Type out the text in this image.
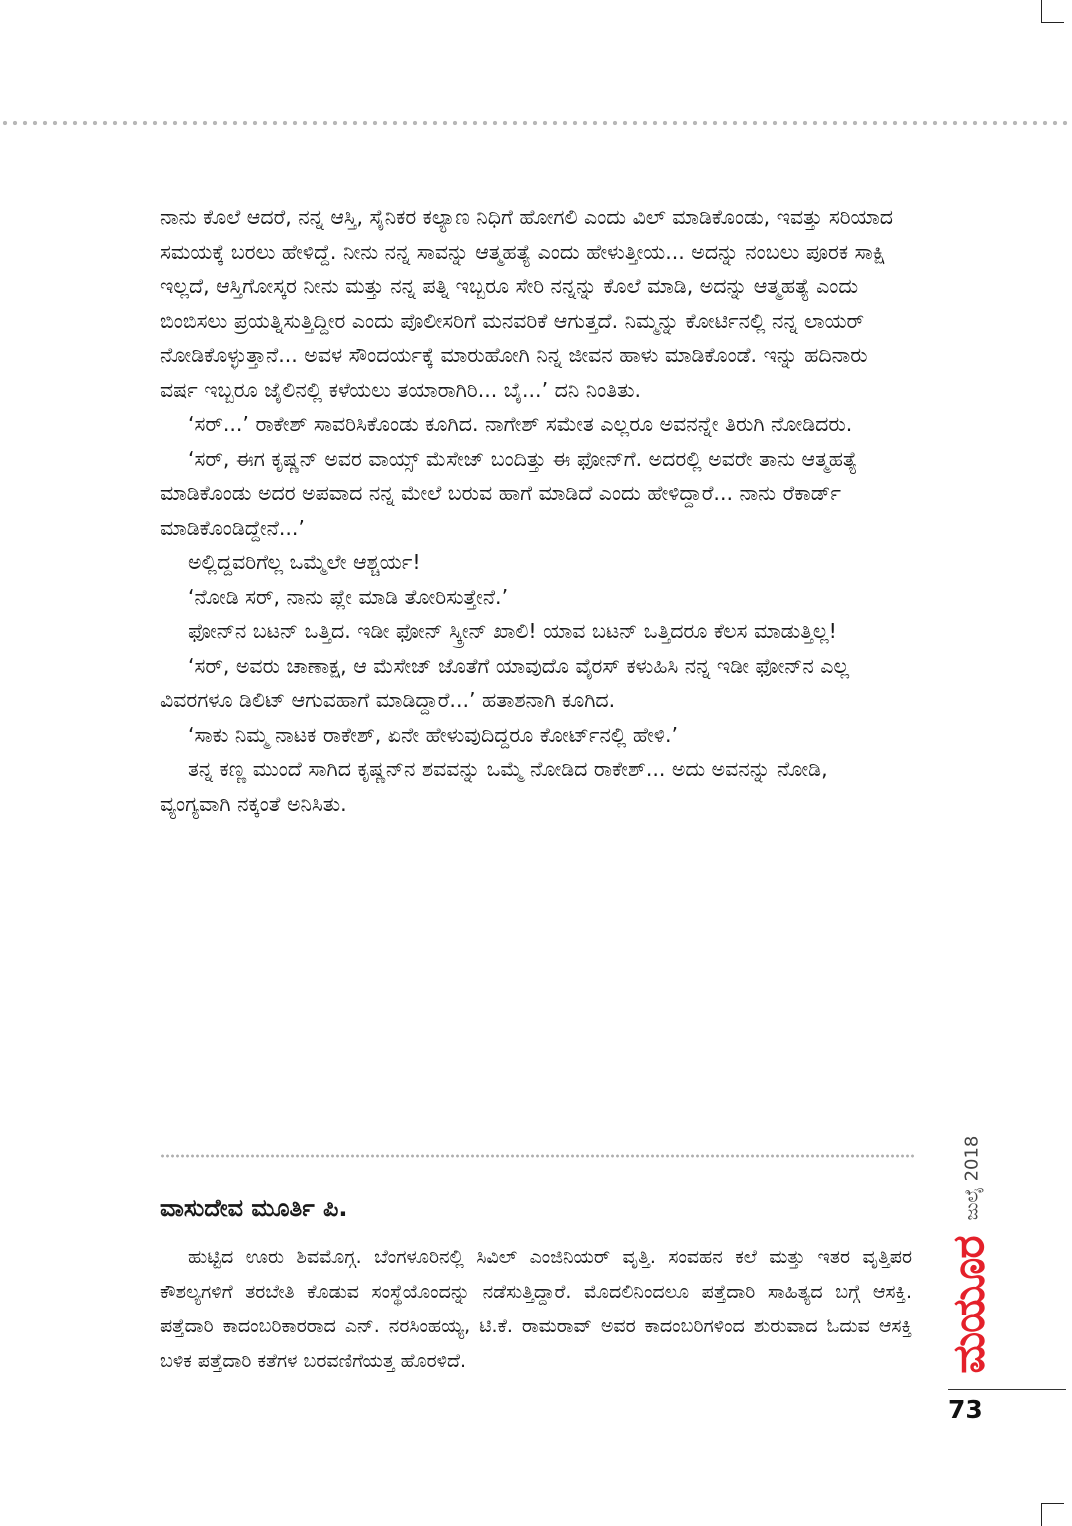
ನಾನು ಕೊಲೆ ಆದರೆ, ನನ್ನ ಆಸ್ತಿ, ಸೈನಿಕರ ಕಲ್ಯಾಣ ನಿಧಿಗೆ ಹೋಗಲಿ ಎಂದು ವಿಲ್ ಮಾಡಿಕೊಂಡು, ಇವತ್ತು ಸರಿಯಾದ ಸಮಯಕ್ಕೆ ಬರಲು ಹೇಳಿದ್ದೆ. ನೀನು ನನ್ನ ಸಾವನ್ನು ಆತ್ಮಹತ್ಯೆ ಎಂದು ಹೇಳುತ್ತೀಯ... ಅದನ್ನು ನಂಬಲು ಪೂರಕ ಸಾಕ್ಷಿ ಇಲ್ಲದೆ, ಆಸ್ತಿಗೋಸ್ಕರ ನೀನು ಮತ್ತು ನನ್ನ ಪತ್ನಿ ಇಬ್ಬರೂ ಸೇರಿ ನನ್ನನ್ನು ಕೊಲೆ ಮಾಡಿ, ಅದನ್ನು ಆತ್ಮಹತ್ಯೆ ಎಂದು ಬಿಂಬಿಸಲು ಪ್ರಯತ್ನಿಸುತ್ತಿದ್ದೀರ ಎಂದು ಪೊಲೀಸರಿಗೆ ಮನವರಿಕೆ ಆಗುತ್ತದೆ. ನಿಮ್ಮನ್ನು ಕೋರ್ಟಿನಲ್ಲಿ ನನ್ನ ಲಾಯರ್ ನೋಡಿಕೊಳ್ಳುತ್ತಾನೆ... ಅವಳ ಸೌಂದರ್ಯಕ್ಕೆ ಮಾರುಹೋಗಿ ನಿನ್ನ ಜೀವನ ಹಾಳು ಮಾಡಿಕೊಂಡೆ. ಇನ್ನು ಹದಿನಾರು ವರ್ಷ ಇಬ್ಬರೂ ಜೈಲಿನಲ್ಲಿ ಕಳೆಯಲು ತಯಾರಾಗಿರಿ... ಬೈ...’ ದನಿ ನಿಂತಿತು.

‘ಸರ್...’ ರಾಕೇಶ್ ಸಾವರಿಸಿಕೊಂಡು ಕೂಗಿದ. ನಾಗೇಶ್ ಸಮೇತ ಎಲ್ಲರೂ ಅವನನ್ನೇ ತಿರುಗಿ ನೋಡಿದರು.

‘ಸರ್, ಈಗ ಕೃಷ್ಣನ್ ಅವರ ವಾಯ್ಸ್ ಮೆಸೇಜ್ ಬಂದಿತ್ತು ಈ ಫೋನ್‌ಗೆ. ಅದರಲ್ಲಿ ಅವರೇ ತಾನು ಆತ್ಮಹತ್ಯೆ ಮಾಡಿಕೊಂಡು ಅದರ ಅಪವಾದ ನನ್ನ ಮೇಲೆ ಬರುವ ಹಾಗೆ ಮಾಡಿದೆ ಎಂದು ಹೇಳಿದ್ದಾರೆ... ನಾನು ರೆಕಾರ್ಡ್ ಮಾಡಿಕೊಂಡಿದ್ದೇನೆ...’

ಅಲ್ಲಿದ್ದವರಿಗೆಲ್ಲ ಒಮ್ಮೆಲೇ ಆಶ್ಚರ್ಯ!

‘ನೋಡಿ ಸರ್, ನಾನು ಪ್ಲೇ ಮಾಡಿ ತೋರಿಸುತ್ತೇನೆ.’

ಫೋನ್‌ನ ಬಟನ್ ಒತ್ತಿದ. ಇಡೀ ಫೋನ್ ಸ್ಕ್ರೀನ್ ಖಾಲಿ! ಯಾವ ಬಟನ್ ಒತ್ತಿದರೂ ಕೆಲಸ ಮಾಡುತ್ತಿಲ್ಲ!

‘ಸರ್, ಅವರು ಚಾಣಾಕ್ಷ, ಆ ಮೆಸೇಜ್ ಜೊತೆಗೆ ಯಾವುದೊ ವೈರಸ್ ಕಳುಹಿಸಿ ನನ್ನ ಇಡೀ ಫೋನ್‌ನ ಎಲ್ಲ ವಿವರಗಳೂ ಡಿಲಿಟ್ ಆಗುವಹಾಗೆ ಮಾಡಿದ್ದಾರೆ...’ ಹತಾಶನಾಗಿ ಕೂಗಿದ.

‘ಸಾಕು ನಿಮ್ಮ ನಾಟಕ ರಾಕೇಶ್, ಏನೇ ಹೇಳುವುದಿದ್ದರೂ ಕೋರ್ಟ್‌ನಲ್ಲಿ ಹೇಳಿ.’

ತನ್ನ ಕಣ್ಣ ಮುಂದೆ ಸಾಗಿದ ಕೃಷ್ಣನ್‌ನ ಶವವನ್ನು ಒಮ್ಮೆ ನೋಡಿದ ರಾಕೇಶ್... ಅದು ಅವನನ್ನು ನೋಡಿ, ವ್ಯಂಗ್ಯವಾಗಿ ನಕ್ಕಂತೆ ಅನಿಸಿತು.

ವಾಸುದೇವ ಮೂರ್ತಿ ಪಿ.

ಹುಟ್ಟಿದ ಊರು ಶಿವಮೊಗ್ಗ. ಬೆಂಗಳೂರಿನಲ್ಲಿ ಸಿವಿಲ್ ಎಂಜಿನಿಯರ್ ವೃತ್ತಿ. ಸಂವಹನ ಕಲೆ ಮತ್ತು ಇತರ ವೃತ್ತಿಪರ ಕೌಶಲ್ಯಗಳಿಗೆ ತರಬೇತಿ ಕೊಡುವ ಸಂಸ್ಥೆಯೊಂದನ್ನು ನಡೆಸುತ್ತಿದ್ದಾರೆ. ಮೊದಲಿನಿಂದಲೂ ಪತ್ತೆದಾರಿ ಸಾಹಿತ್ಯದ ಬಗ್ಗೆ ಆಸಕ್ತಿ. ಪತ್ತೆದಾರಿ ಕಾದಂಬರಿಕಾರರಾದ ಎನ್. ನರಸಿಂಹಯ್ಯ, ಟಿ.ಕೆ. ರಾಮರಾವ್ ಅವರ ಕಾದಂಬರಿಗಳಿಂದ ಶುರುವಾದ ಓದುವ ಆಸಕ್ತಿ ಬಳಿಕ ಪತ್ತೆದಾರಿ ಕತೆಗಳ ಬರವಣಿಗೆಯತ್ತ ಹೊರಳಿದೆ.

ಜುಲೈ 2018
ಮಯೂರ
73
